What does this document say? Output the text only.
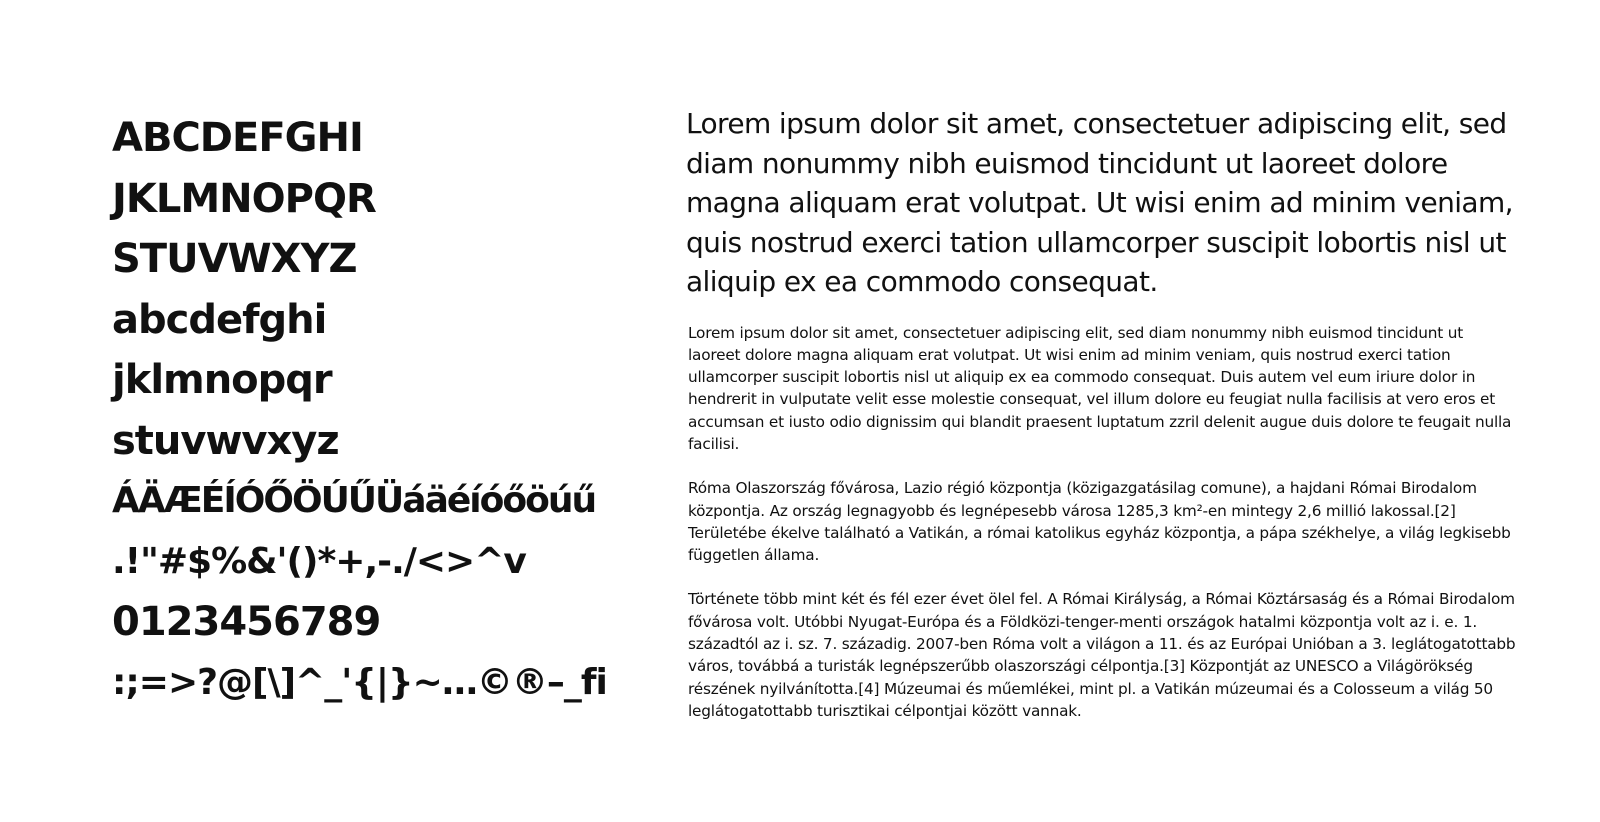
ABCDEFGHI
JKLMNOPQR
STUVWXYZ
abcdefghi
jklmnopqr
stuvwvxyz
ÁÄÆÉÍÓŐÖÚŰÜáäéíóőöúű
.!"#$%&'()*+,-./<>^v
0123456789
:;=>?@[\]^_'{|}~…©®–_fi

Lorem ipsum dolor sit amet, consectetuer adipiscing elit, sed diam nonummy nibh euismod tincidunt ut laoreet dolore magna aliquam erat volutpat. Ut wisi enim ad minim veniam, quis nostrud exerci tation ullamcorper suscipit lobortis nisl ut aliquip ex ea commodo consequat.

Lorem ipsum dolor sit amet, consectetuer adipiscing elit, sed diam nonummy nibh euismod tincidunt ut laoreet dolore magna aliquam erat volutpat. Ut wisi enim ad minim veniam, quis nostrud exerci tation ullamcorper suscipit lobortis nisl ut aliquip ex ea commodo consequat. Duis autem vel eum iriure dolor in hendrerit in vulputate velit esse molestie consequat, vel illum dolore eu feugiat nulla facilisis at vero eros et accumsan et iusto odio dignissim qui blandit praesent luptatum zzril delenit augue duis dolore te feugait nulla facilisi.

Róma Olaszország fővárosa, Lazio régió központja (közigazgatásilag comune), a hajdani Római Birodalom központja. Az ország legnagyobb és legnépesebb városa 1285,3 km²-en mintegy 2,6 millió lakossal.[2] Területébe ékelve található a Vatikán, a római katolikus egyház központja, a pápa székhelye, a világ legkisebb független állama.

Története több mint két és fél ezer évet ölel fel. A Római Királyság, a Római Köztársaság és a Római Birodalom fővárosa volt. Utóbbi Nyugat-Európa és a Földközi-tenger-menti országok hatalmi központja volt az i. e. 1. századtól az i. sz. 7. századig. 2007-ben Róma volt a világon a 11. és az Európai Unióban a 3. leglátogatottabb város, továbbá a turisták legnépszerűbb olaszországi célpontja.[3] Központját az UNESCO a Világörökség részének nyilvánította.[4] Múzeumai és műemlékei, mint pl. a Vatikán múzeumai és a Colosseum a világ 50 leglátogatottabb turisztikai célpontjai között vannak.
